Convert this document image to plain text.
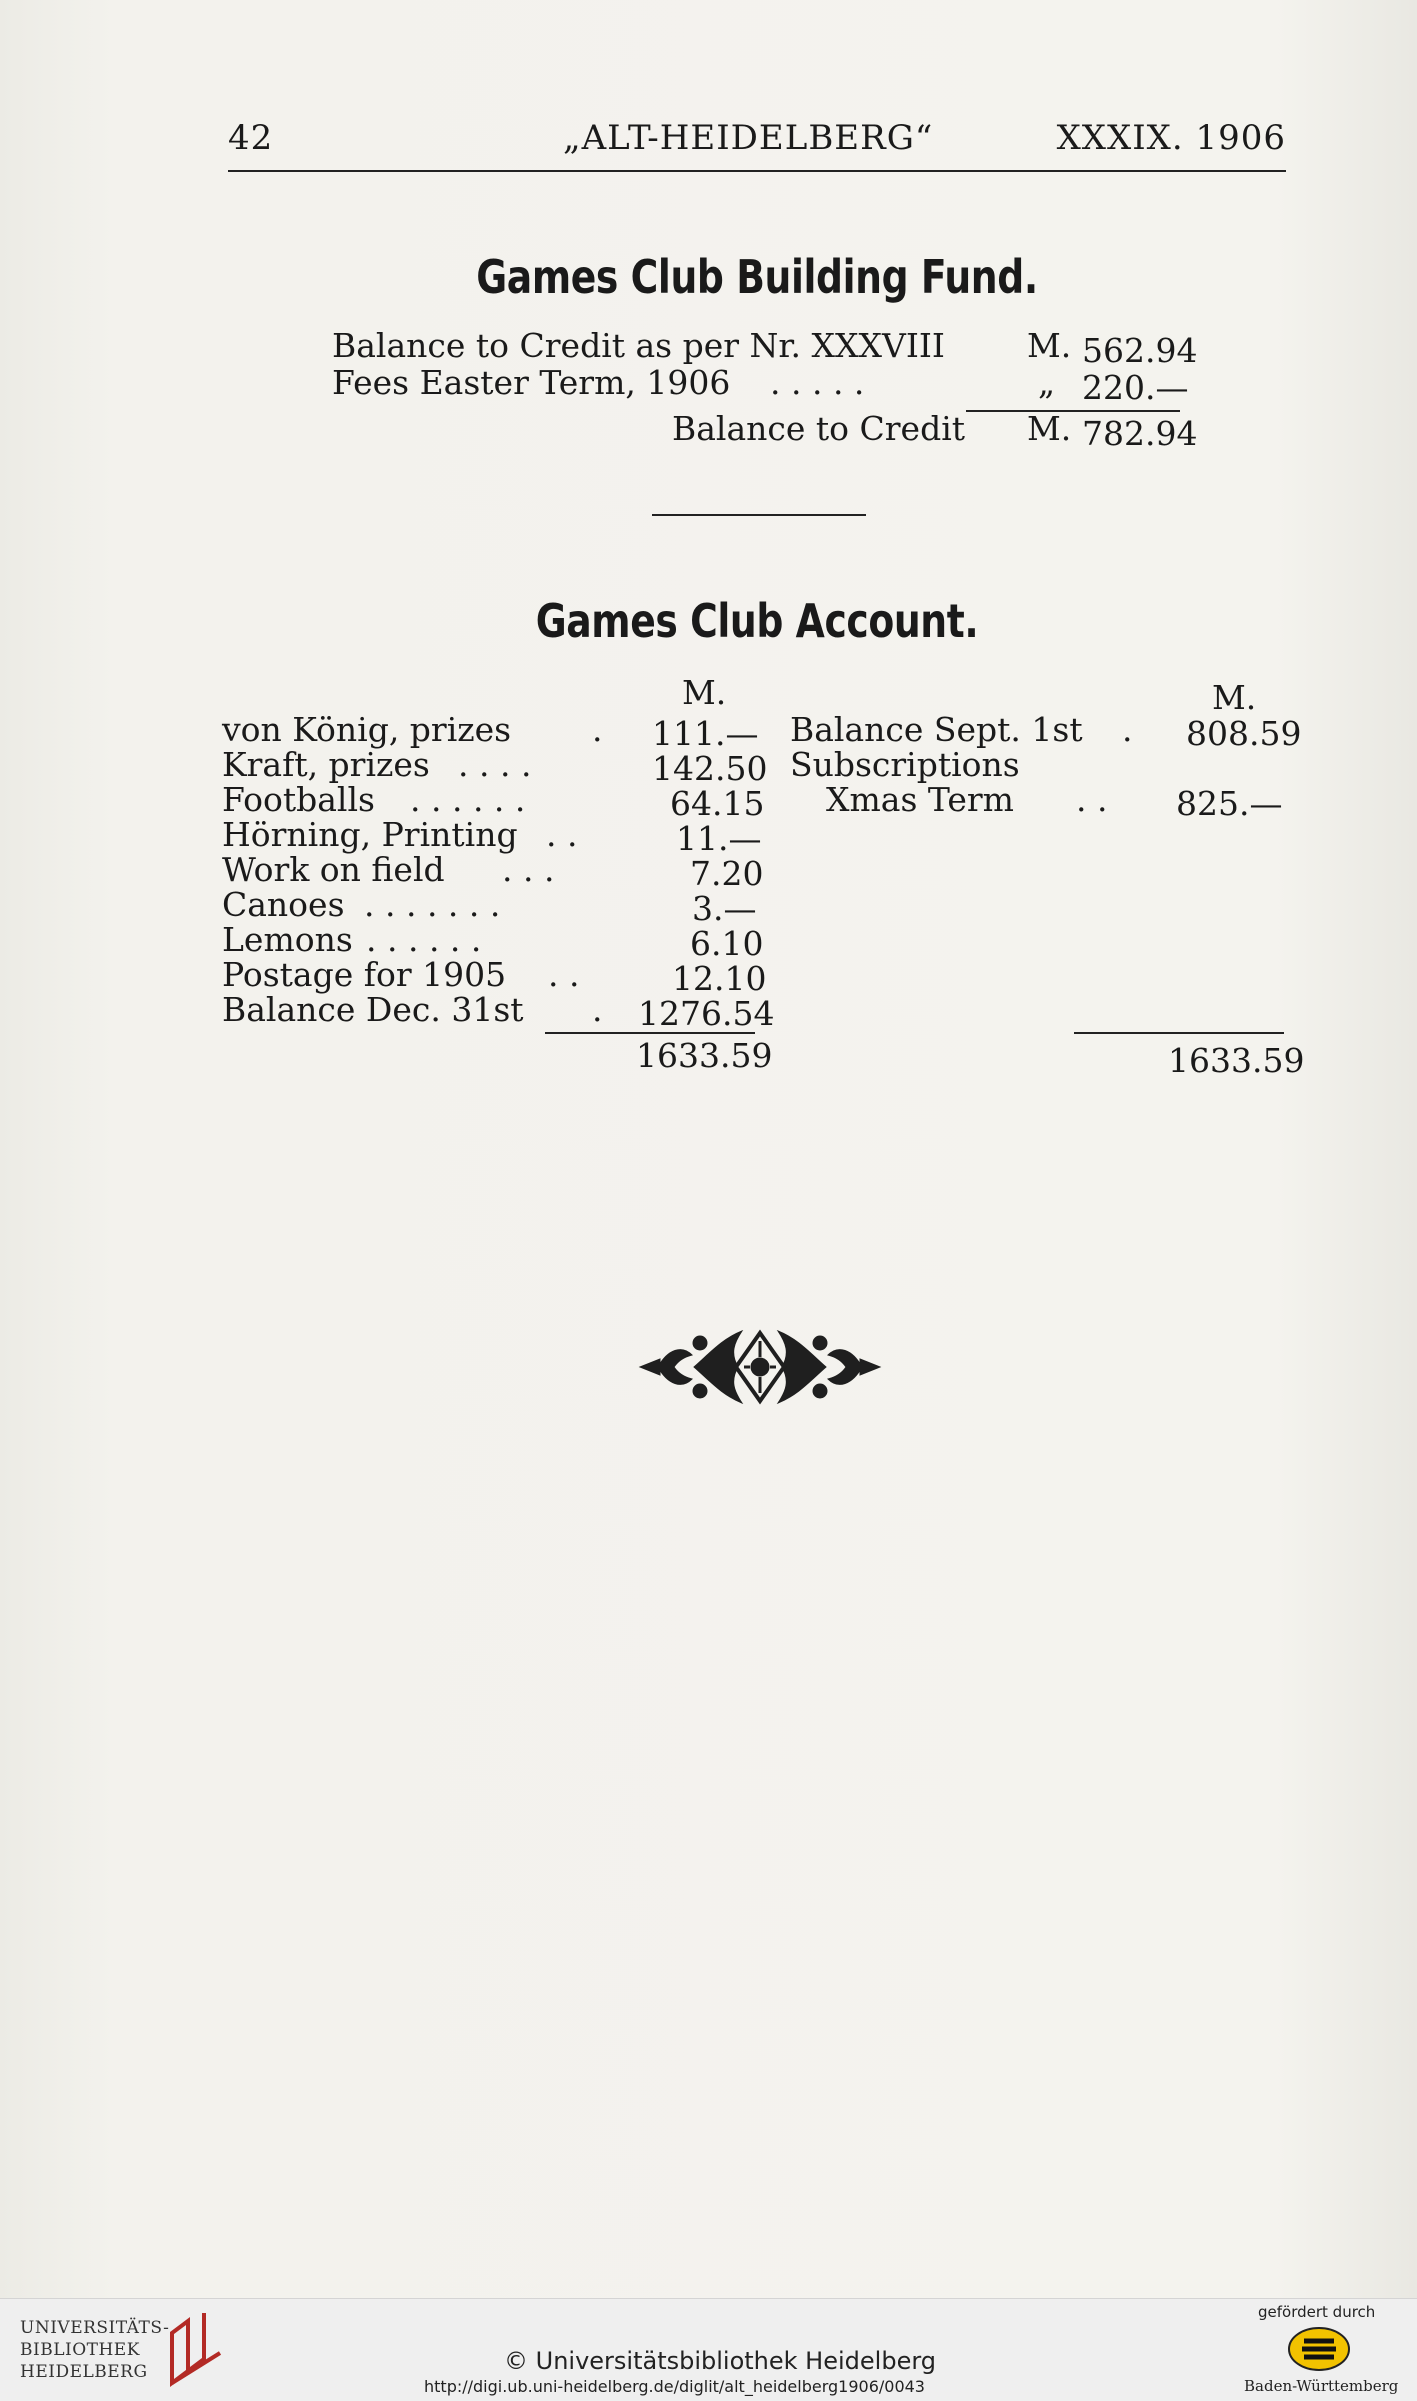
42	„ALT-HEIDELBERG“	XXXIX. 1906
Games Club Building Fund.
Balance to Credit as per Nr. XXXVIII M. 562.94
Fees Easter Term, 1906 . . . . .	„ 220.—
Balance to Credit M. 782.94
Games Club Account.
M.	M.
von König, prizes . 111.—
Kraft, prizes . . . .	142.50
Footballs . . . . . .	64.15
Hörning, Printing . .	11.—
Work on field . . .	7.20
Canoes . . . . . . .	3.—
Lemons . . . . . .	6.10
Postage for 1905 . .	12.10
Balance Dec. 31st . 1276.54
1633.59
Balance Sept. 1st . 808.59
Subscriptions
Xmas Term . . 825.—
1633.59
UNIVERSITÄTS-
BIBLIOTHEK
HEIDELBERG	© Universitätsbibliothek Heidelberg
http://digi.ub.uni-heidelberg.de/diglit/alt_heidelberg1906/0043
gefördert durch
Baden-Württemberg
